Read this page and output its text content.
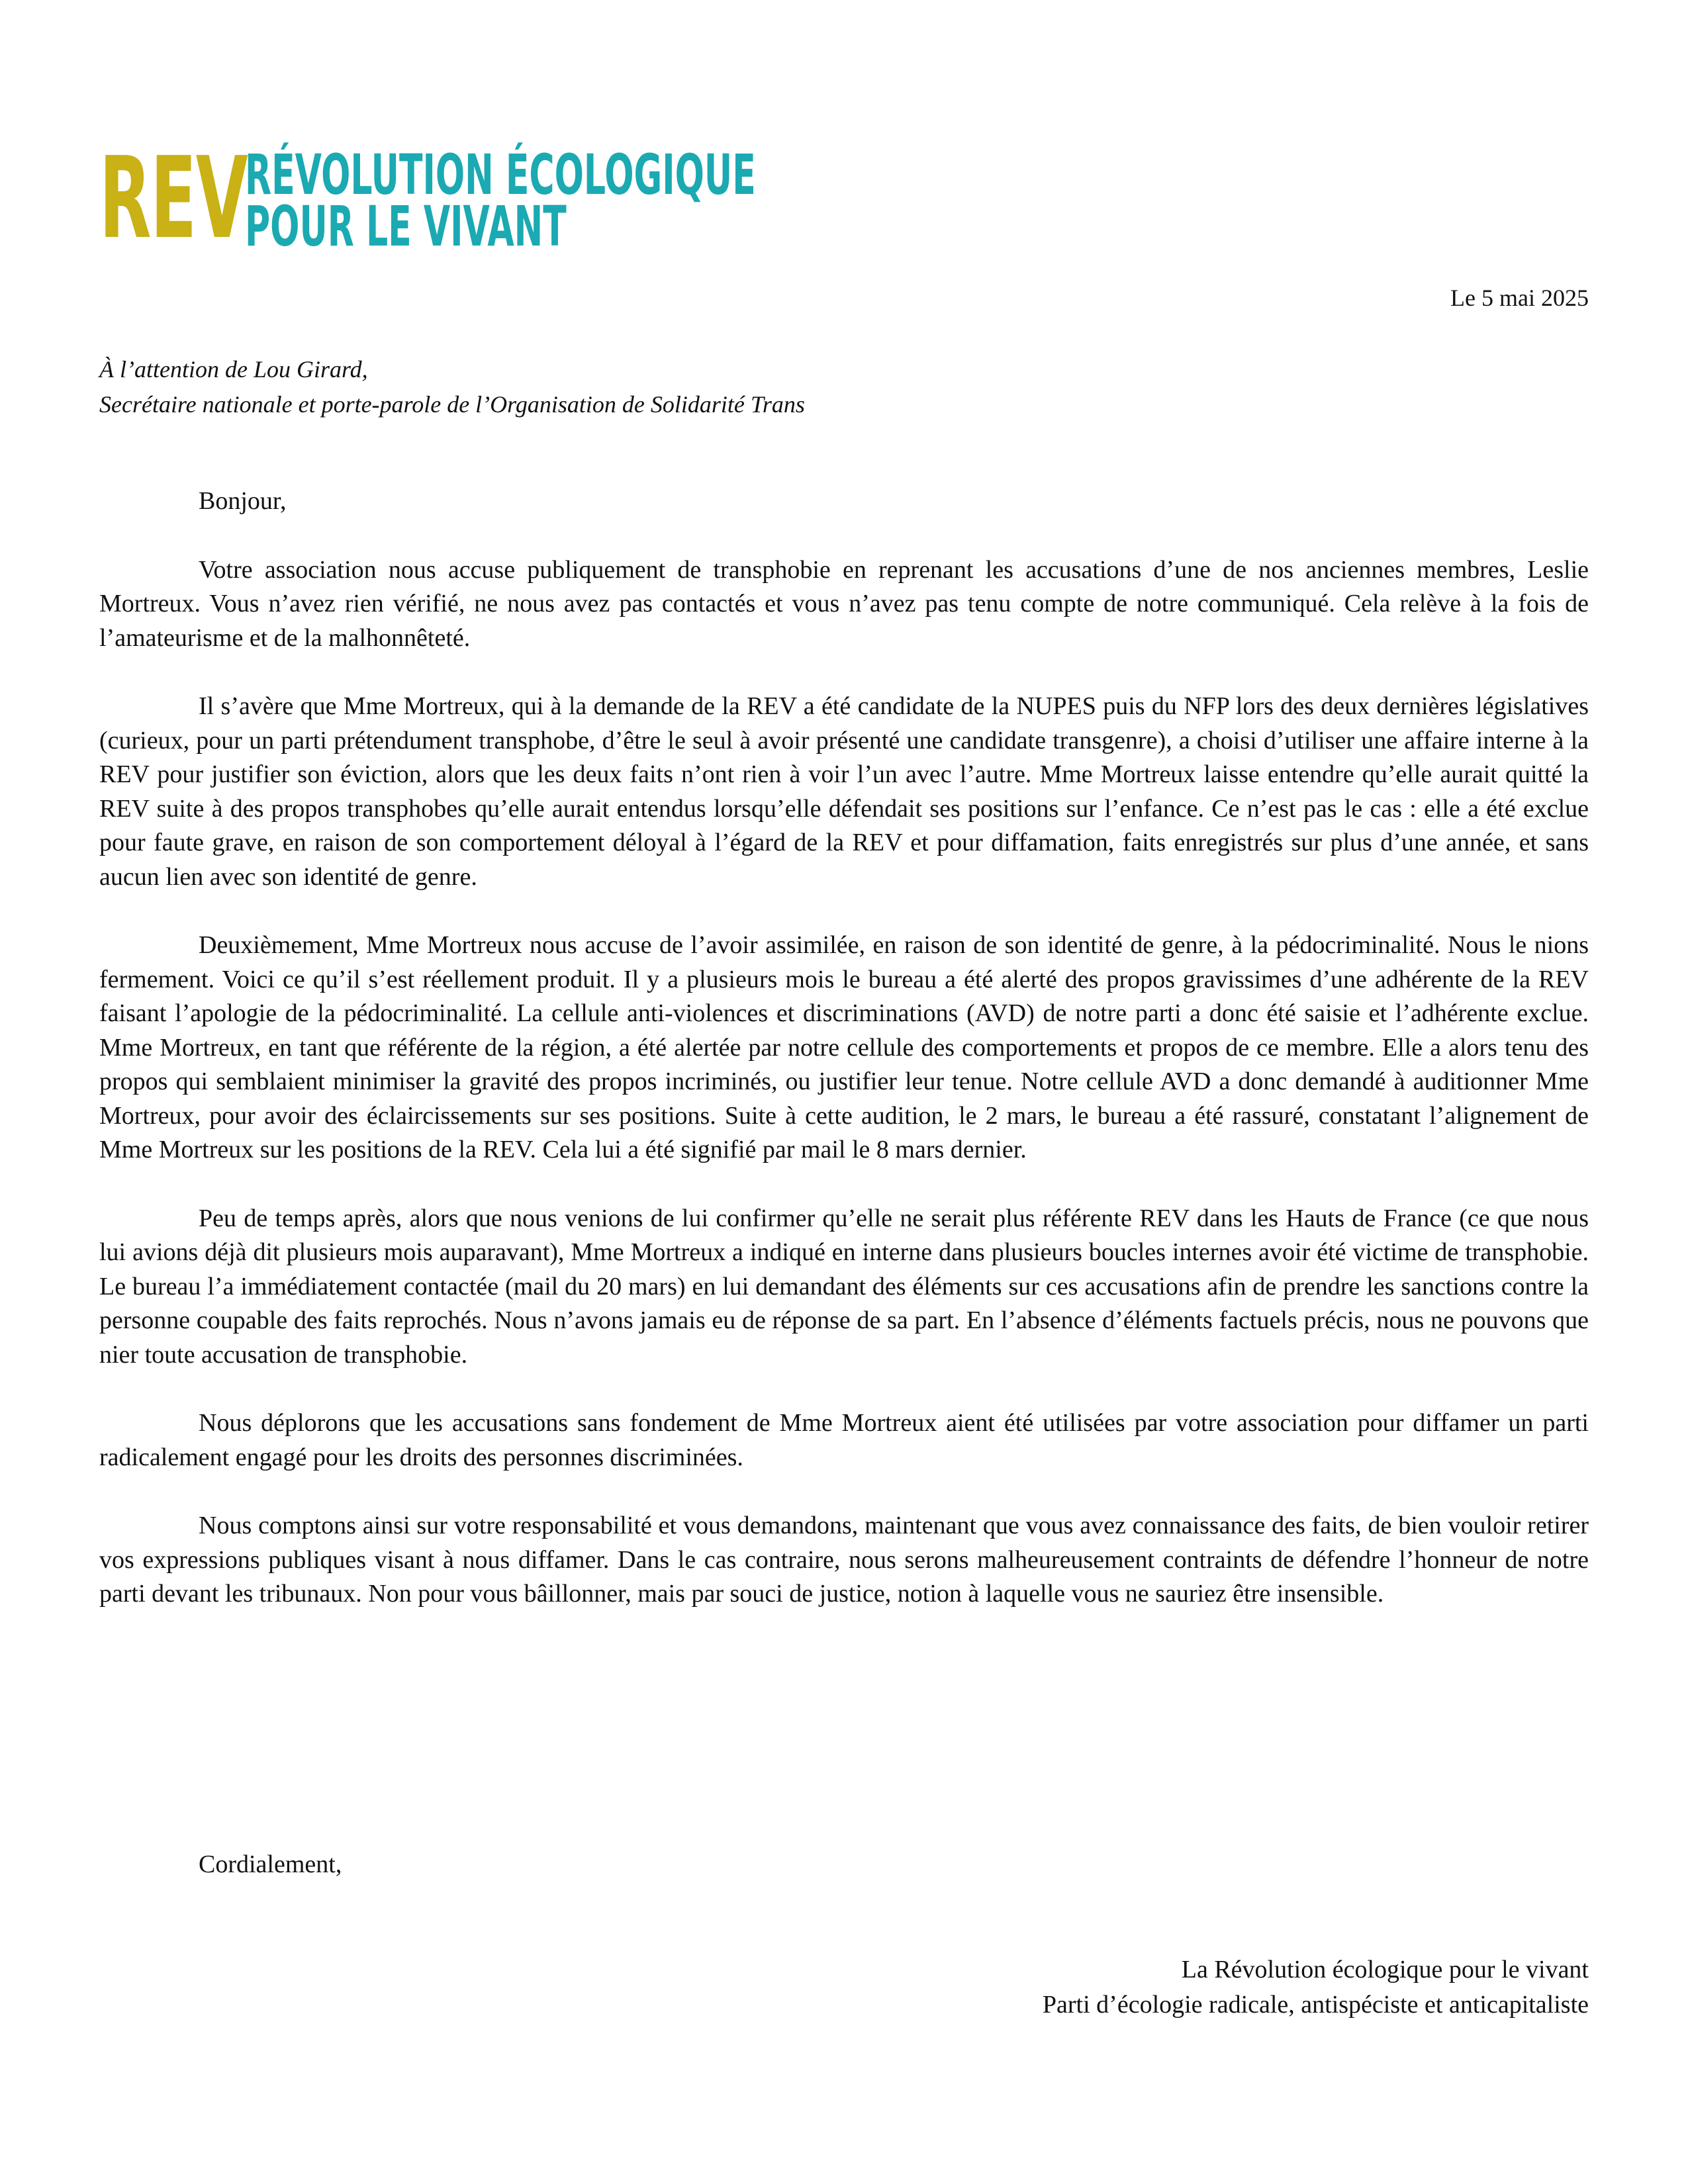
REV
RÉVOLUTION ÉCOLOGIQUE
POUR LE VIVANT
Le 5 mai 2025
À l’attention de Lou Girard,
Secrétaire nationale et porte-parole de l’Organisation de Solidarité Trans

Bonjour,

Votre association nous accuse publiquement de transphobie en reprenant les accusations d’une de nos anciennes membres, Leslie Mortreux. Vous n’avez rien vérifié, ne nous avez pas contactés et vous n’avez pas tenu compte de notre communiqué. Cela relève à la fois de l’amateurisme et de la malhonnêteté.

Il s’avère que Mme Mortreux, qui à la demande de la REV a été candidate de la NUPES puis du NFP lors des deux dernières législatives (curieux, pour un parti prétendument transphobe, d’être le seul à avoir présenté une candidate transgenre), a choisi d’utiliser une affaire interne à la REV pour justifier son éviction, alors que les deux faits n’ont rien à voir l’un avec l’autre. Mme Mortreux laisse entendre qu’elle aurait quitté la REV suite à des propos transphobes qu’elle aurait entendus lorsqu’elle défendait ses positions sur l’enfance. Ce n’est pas le cas : elle a été exclue pour faute grave, en raison de son comportement déloyal à l’égard de la REV et pour diffamation, faits enregistrés sur plus d’une année, et sans aucun lien avec son identité de genre.

Deuxièmement, Mme Mortreux nous accuse de l’avoir assimilée, en raison de son identité de genre, à la pédocriminalité. Nous le nions fermement. Voici ce qu’il s’est réellement produit. Il y a plusieurs mois le bureau a été alerté des propos gravissimes d’une adhérente de la REV faisant l’apologie de la pédocriminalité. La cellule anti-violences et discriminations (AVD) de notre parti a donc été saisie et l’adhérente exclue. Mme Mortreux, en tant que référente de la région, a été alertée par notre cellule des comportements et propos de ce membre. Elle a alors tenu des propos qui semblaient minimiser la gravité des propos incriminés, ou justifier leur tenue. Notre cellule AVD a donc demandé à auditionner Mme Mortreux, pour avoir des éclaircissements sur ses positions. Suite à cette audition, le 2 mars, le bureau a été rassuré, constatant l’alignement de Mme Mortreux sur les positions de la REV. Cela lui a été signifié par mail le 8 mars dernier.

Peu de temps après, alors que nous venions de lui confirmer qu’elle ne serait plus référente REV dans les Hauts de France (ce que nous lui avions déjà dit plusieurs mois auparavant), Mme Mortreux a indiqué en interne dans plusieurs boucles internes avoir été victime de transphobie. Le bureau l’a immédiatement contactée (mail du 20 mars) en lui demandant des éléments sur ces accusations afin de prendre les sanctions contre la personne coupable des faits reprochés. Nous n’avons jamais eu de réponse de sa part. En l’absence d’éléments factuels précis, nous ne pouvons que nier toute accusation de transphobie.

Nous déplorons que les accusations sans fondement de Mme Mortreux aient été utilisées par votre association pour diffamer un parti radicalement engagé pour les droits des personnes discriminées.

Nous comptons ainsi sur votre responsabilité et vous demandons, maintenant que vous avez connaissance des faits, de bien vouloir retirer vos expressions publiques visant à nous diffamer. Dans le cas contraire, nous serons malheureusement contraints de défendre l’honneur de notre parti devant les tribunaux. Non pour vous bâillonner, mais par souci de justice, notion à laquelle vous ne sauriez être insensible.

Cordialement,
La Révolution écologique pour le vivant
Parti d’écologie radicale, antispéciste et anticapitaliste
